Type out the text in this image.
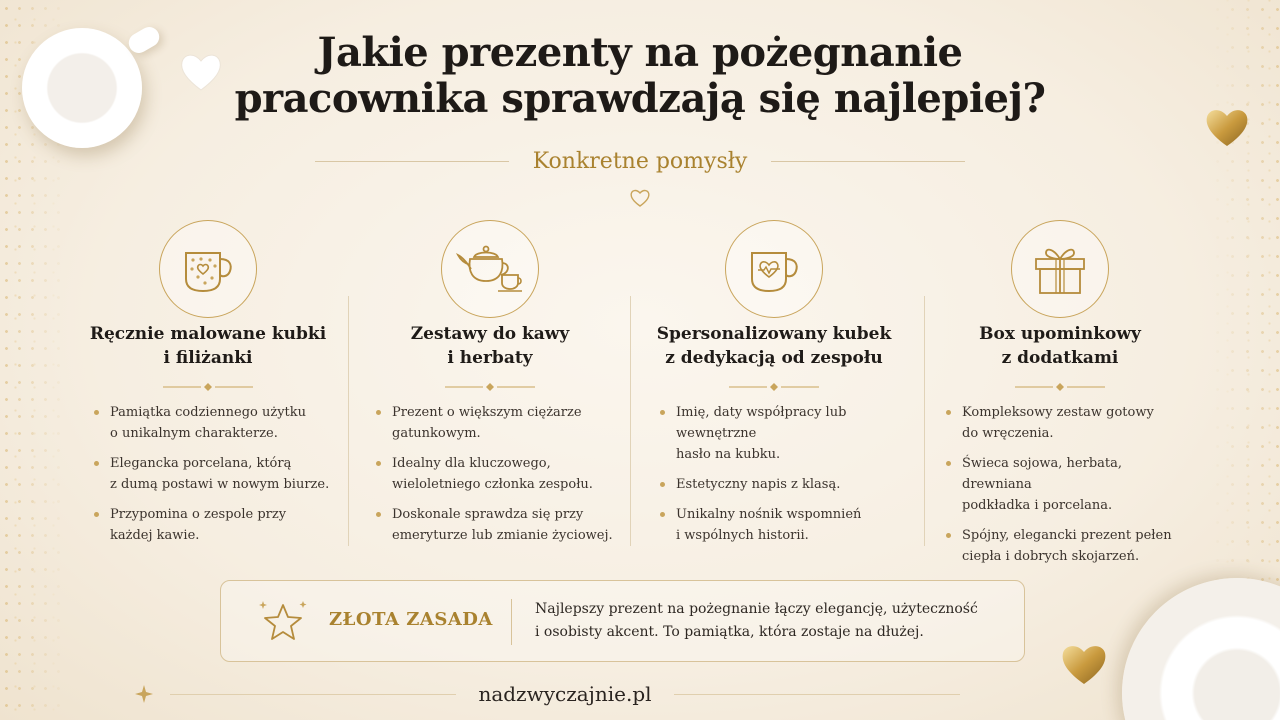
Jakie prezenty na pożegnanie
pracownika sprawdzają się najlepiej?
Konkretne pomysły
Ręcznie malowane kubki
i filiżanki
Pamiątka codziennego użytku
o unikalnym charakterze.
Elegancka porcelana, którą
z dumą postawi w nowym biurze.
Przypomina o zespole przy
każdej kawie.
Zestawy do kawy
i herbaty
Prezent o większym ciężarze
gatunkowym.
Idealny dla kluczowego,
wieloletniego członka zespołu.
Doskonale sprawdza się przy
emeryturze lub zmianie życiowej.
Spersonalizowany kubek
z dedykacją od zespołu
Imię, daty współpracy lub wewnętrzne
hasło na kubku.
Estetyczny napis z klasą.
Unikalny nośnik wspomnień
i wspólnych historii.
Box upominkowy
z dodatkami
Kompleksowy zestaw gotowy
do wręczenia.
Świeca sojowa, herbata, drewniana
podkładka i porcelana.
Spójny, elegancki prezent pełen
ciepła i dobrych skojarzeń.
ZŁOTA ZASADA	Najlepszy prezent na pożegnanie łączy elegancję, użyteczność
i osobisty akcent. To pamiątka, która zostaje na dłużej.
nadzwyczajnie.pl
